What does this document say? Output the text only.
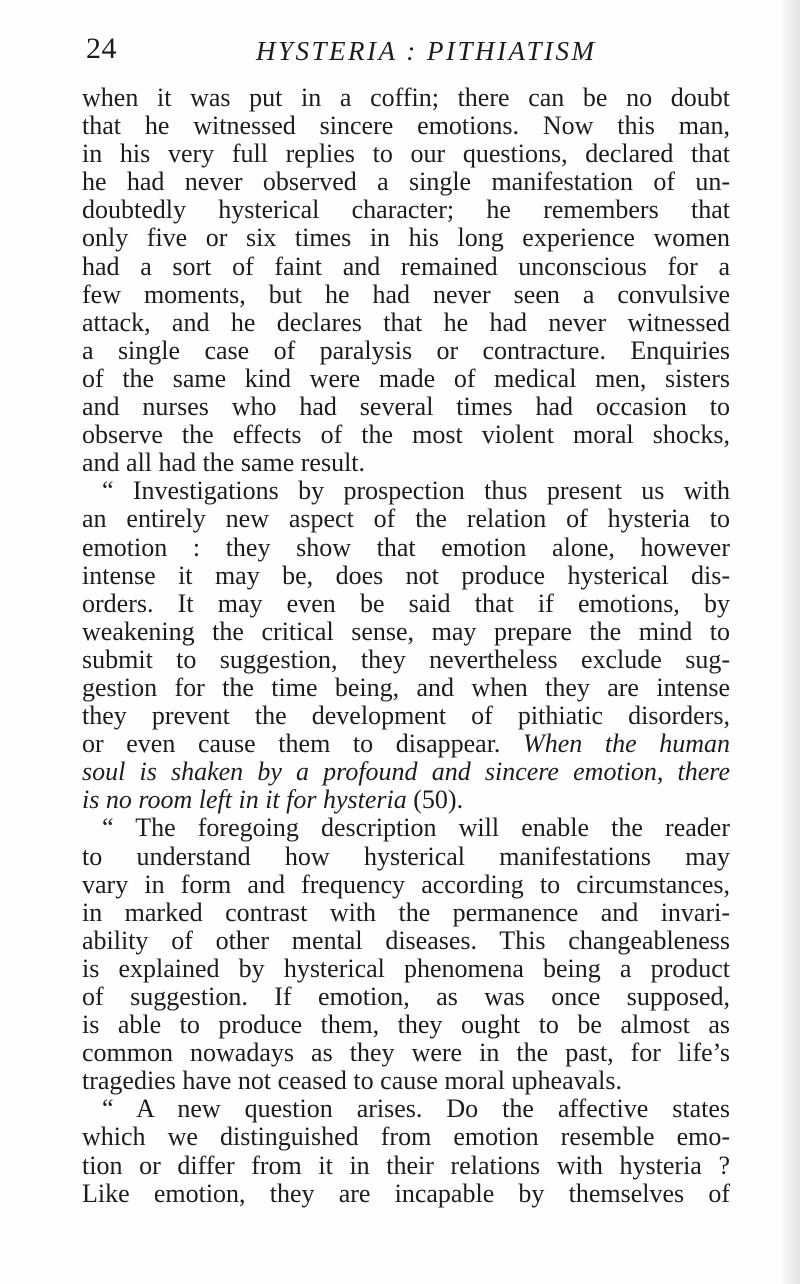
24	HYSTERIA : PITHIATISM
when it was put in a coffin; there can be no doubt
that he witnessed sincere emotions. Now this man,
in his very full replies to our questions, declared that
he had never observed a single manifestation of un-
doubtedly hysterical character; he remembers that
only five or six times in his long experience women
had a sort of faint and remained unconscious for a
few moments, but he had never seen a convulsive
attack, and he declares that he had never witnessed
a single case of paralysis or contracture. Enquiries
of the same kind were made of medical men, sisters
and nurses who had several times had occasion to
observe the effects of the most violent moral shocks,
and all had the same result.
“ Investigations by prospection thus present us with
an entirely new aspect of the relation of hysteria to
emotion : they show that emotion alone, however
intense it may be, does not produce hysterical dis-
orders. It may even be said that if emotions, by
weakening the critical sense, may prepare the mind to
submit to suggestion, they nevertheless exclude sug-
gestion for the time being, and when they are intense
they prevent the development of pithiatic disorders,
or even cause them to disappear. When the human
soul is shaken by a profound and sincere emotion, there
is no room left in it for hysteria (50).
“ The foregoing description will enable the reader
to understand how hysterical manifestations may
vary in form and frequency according to circumstances,
in marked contrast with the permanence and invari-
ability of other mental diseases. This changeableness
is explained by hysterical phenomena being a product
of suggestion. If emotion, as was once supposed,
is able to produce them, they ought to be almost as
common nowadays as they were in the past, for life’s
tragedies have not ceased to cause moral upheavals.
“ A new question arises. Do the affective states
which we distinguished from emotion resemble emo-
tion or differ from it in their relations with hysteria ?
Like emotion, they are incapable by themselves of
